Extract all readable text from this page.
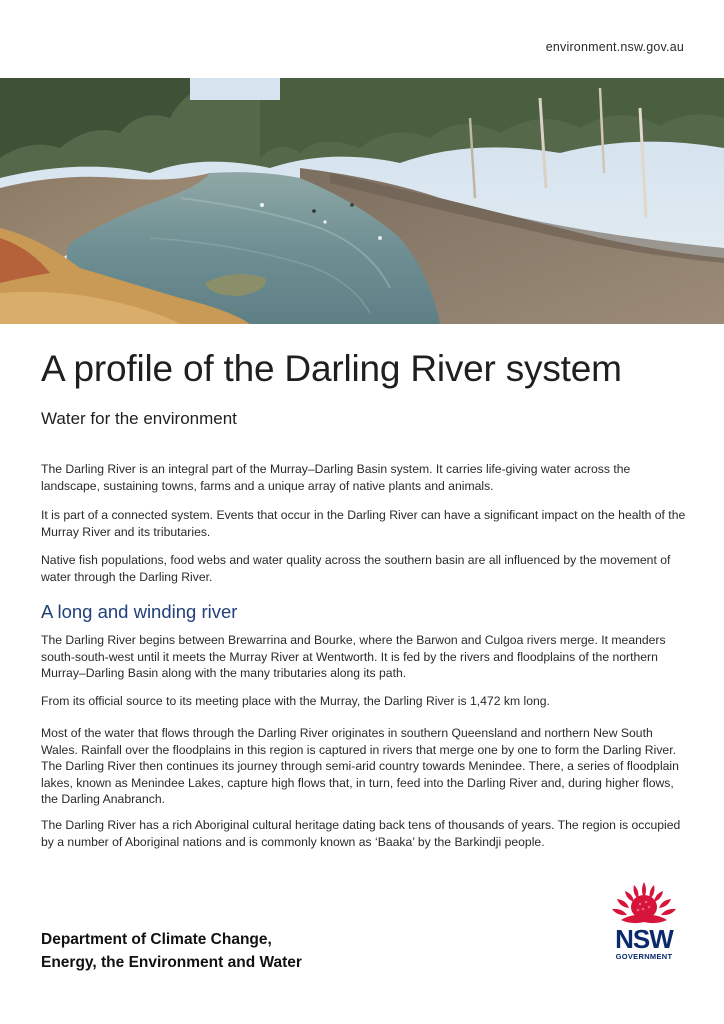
environment.nsw.gov.au
A profile of the Darling River system
Water for the environment

The Darling River is an integral part of the Murray–Darling Basin system. It carries life-giving water across the landscape, sustaining towns, farms and a unique array of native plants and animals.

It is part of a connected system. Events that occur in the Darling River can have a significant impact on the health of the Murray River and its tributaries.

Native fish populations, food webs and water quality across the southern basin are all influenced by the movement of water through the Darling River.

A long and winding river

The Darling River begins between Brewarrina and Bourke, where the Barwon and Culgoa rivers merge. It meanders south-south-west until it meets the Murray River at Wentworth. It is fed by the rivers and floodplains of the northern Murray–Darling Basin along with the many tributaries along its path.

From its official source to its meeting place with the Murray, the Darling River is 1,472 km long.

Most of the water that flows through the Darling River originates in southern Queensland and northern New South Wales. Rainfall over the floodplains in this region is captured in rivers that merge one by one to form the Darling River. The Darling River then continues its journey through semi-arid country towards Menindee. There, a series of floodplain lakes, known as Menindee Lakes, capture high flows that, in turn, feed into the Darling River and, during higher flows, the Darling Anabranch.

The Darling River has a rich Aboriginal cultural heritage dating back tens of thousands of years. The region is occupied by a number of Aboriginal nations and is commonly known as ‘Baaka’ by the Barkindji people.

Department of Climate Change,
Energy, the Environment and Water
NSW
GOVERNMENT
